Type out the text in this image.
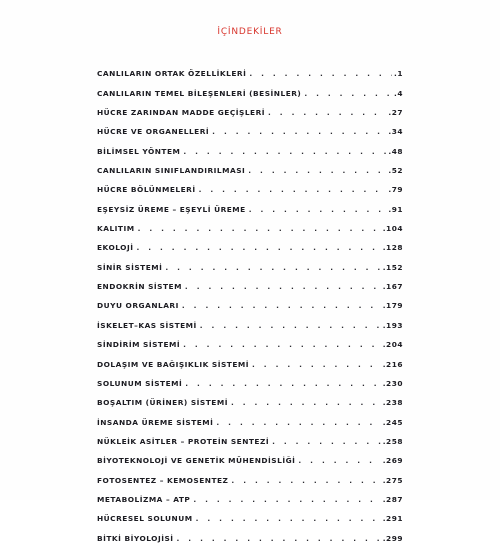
İÇİNDEKİLER
CANLILARIN ORTAK ÖZELLİKLERİ . . .	.1
CANLILARIN TEMEL BİLEŞENLERİ (BESİNLER) . . .	.4
HÜCRE ZARINDAN MADDE GEÇİŞLERİ . . .	.27
HÜCRE VE ORGANELLERİ . . .	.34
BİLİMSEL YÖNTEM . . .	.48
CANLILARIN SINIFLANDIRILMASI . . .	.52
HÜCRE BÖLÜNMELERİ . . .	.79
EŞEYSİZ ÜREME – EŞEYLİ ÜREME . . .	.91
KALITIM . . .	.104
EKOLOJİ . . .	.128
SİNİR SİSTEMİ . . .	.152
ENDOKRİN SİSTEM . . .	.167
DUYU ORGANLARI . . .	.179
İSKELET–KAS SİSTEMİ . . .	.193
SİNDİRİM SİSTEMİ . . .	.204
DOLAŞIM VE BAĞIŞIKLIK SİSTEMİ . . .	.216
SOLUNUM SİSTEMİ . . .	.230
BOŞALTIM (ÜRİNER) SİSTEMİ . . .	.238
İNSANDA ÜREME SİSTEMİ . . .	.245
NÜKLEİK ASİTLER – PROTEİN SENTEZİ . . .	.258
BİYOTEKNOLOJİ VE GENETİK MÜHENDİSLİĞİ . . .	.269
FOTOSENTEZ – KEMOSENTEZ . . .	.275
METABOLİZMA – ATP . . .	.287
HÜCRESEL SOLUNUM . . .	.291
BİTKİ BİYOLOJİSİ . . .	.299
